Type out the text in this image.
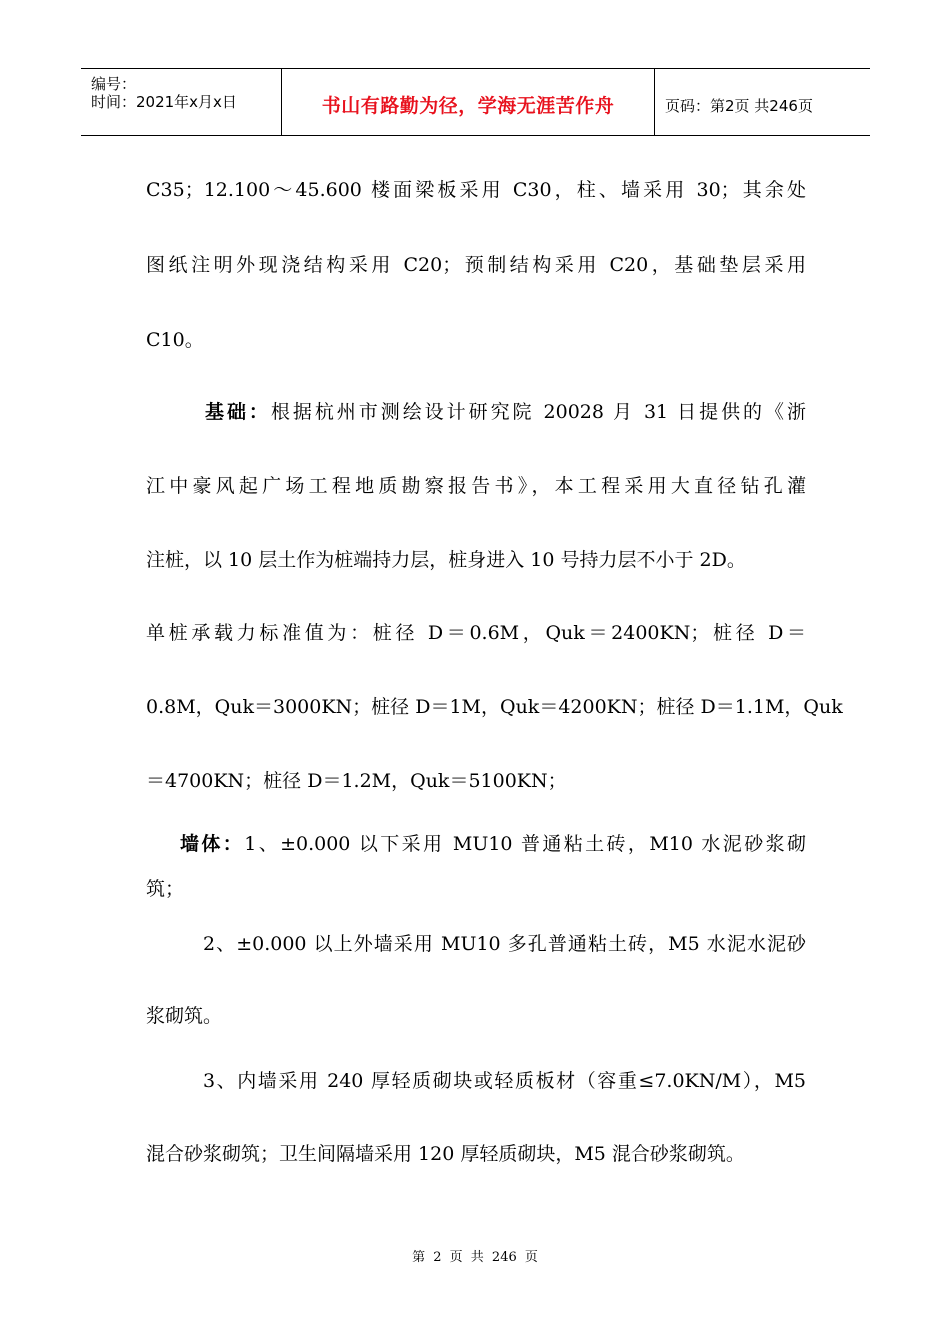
编号：
时间：2021年x月x日	书山有路勤为径，学海无涯苦作舟	页码：第2页 共246页
C35；12.100～45.600 楼面梁板采用 C30，柱、墙采用 30；其余处
图纸注明外现浇结构采用 C20；预制结构采用 C20，基础垫层采用
C10。
基础：根据杭州市测绘设计研究院 20028 月 31 日提供的《浙
江中豪风起广场工程地质勘察报告书》，本工程采用大直径钻孔灌
注桩，以 10 层土作为桩端持力层，桩身进入 10 号持力层不小于 2D。
单桩承载力标准值为：桩径 D＝0.6M，Quk＝2400KN；桩径 D＝
0.8M，Quk＝3000KN；桩径 D＝1M，Quk＝4200KN；桩径 D＝1.1M，Quk
＝4700KN；桩径 D＝1.2M，Quk＝5100KN；
墙体：1、±0.000 以下采用 MU10 普通粘土砖，M10 水泥砂浆砌
筑；
2、±0.000 以上外墙采用 MU10 多孔普通粘土砖，M5 水泥水泥砂
浆砌筑。
3、内墙采用 240 厚轻质砌块或轻质板材（容重≤7.0KN/M），M5
混合砂浆砌筑；卫生间隔墙采用 120 厚轻质砌块，M5 混合砂浆砌筑。
第 2 页 共 246 页
